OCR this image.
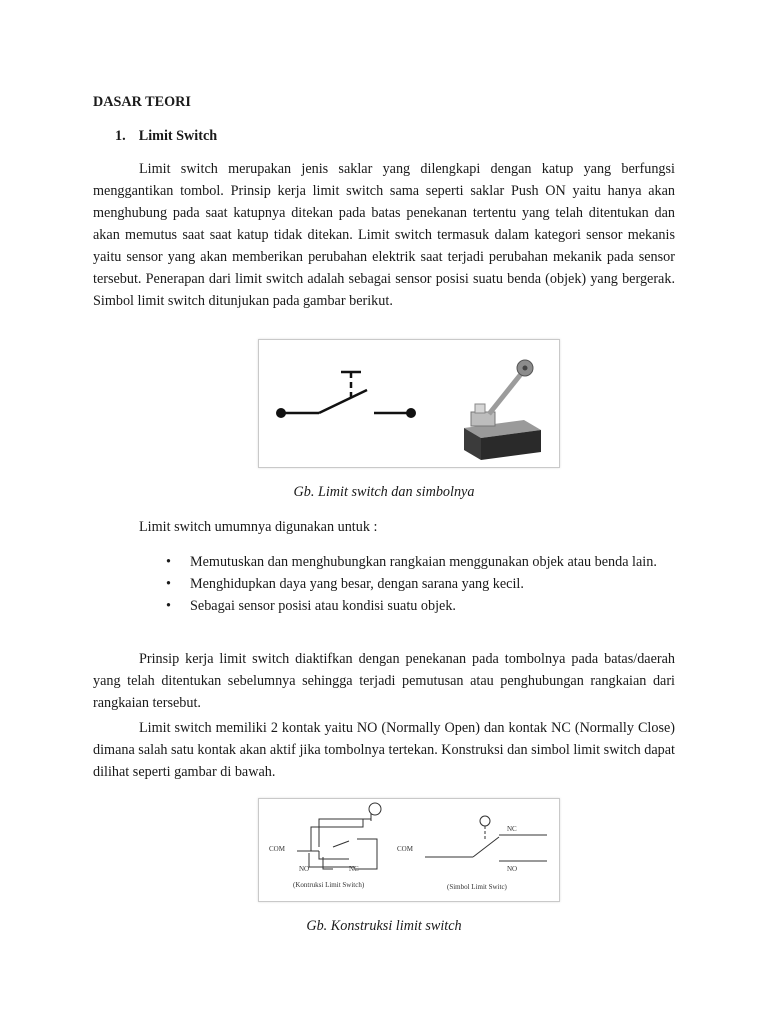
DASAR TEORI
1. Limit Switch
Limit switch merupakan jenis saklar yang dilengkapi dengan katup yang berfungsi menggantikan tombol. Prinsip kerja limit switch sama seperti saklar Push ON yaitu hanya akan menghubung pada saat katupnya ditekan pada batas penekanan tertentu yang telah ditentukan dan akan memutus saat saat katup tidak ditekan. Limit switch termasuk dalam kategori sensor mekanis yaitu sensor yang akan memberikan perubahan elektrik saat terjadi perubahan mekanik pada sensor tersebut. Penerapan dari limit switch adalah sebagai sensor posisi suatu benda (objek) yang bergerak. Simbol limit switch ditunjukan pada gambar berikut.
Gb. Limit switch dan simbolnya
Limit switch umumnya digunakan untuk :
• Memutuskan dan menghubungkan rangkaian menggunakan objek atau benda lain.
• Menghidupkan daya yang besar, dengan sarana yang kecil.
• Sebagai sensor posisi atau kondisi suatu objek.
Prinsip kerja limit switch diaktifkan dengan penekanan pada tombolnya pada batas/daerah yang telah ditentukan sebelumnya sehingga terjadi pemutusan atau penghubungan rangkaian dari rangkaian tersebut.
Limit switch memiliki 2 kontak yaitu NO (Normally Open) dan kontak NC (Normally Close) dimana salah satu kontak akan aktif jika tombolnya tertekan. Konstruksi dan simbol limit switch dapat dilihat seperti gambar di bawah.
COM
NO	NC
(Kontruksi Limit Switch)
COM
NC
NO
(Simbol Limit Switc)
Gb. Konstruksi limit switch
